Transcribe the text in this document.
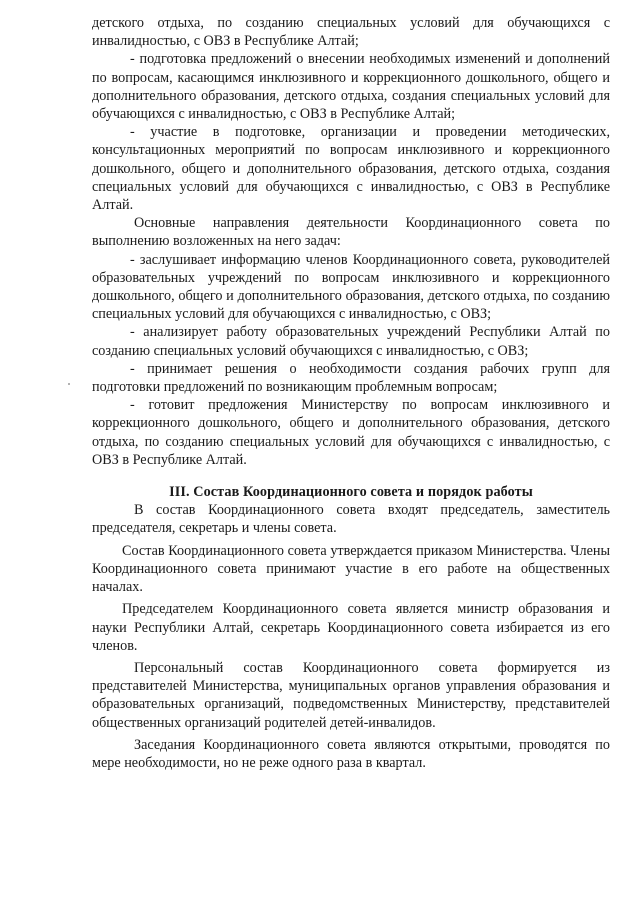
детского отдыха, по созданию специальных условий для обучающихся с инвалидностью, с ОВЗ в Республике Алтай;

- подготовка предложений о внесении необходимых изменений и дополнений по вопросам, касающимся инклюзивного и коррекционного дошкольного, общего и дополнительного образования, детского отдыха, создания специальных условий для обучающихся с инвалидностью, с ОВЗ в Республике Алтай;

- участие в подготовке, организации и проведении методических, консультационных мероприятий по вопросам инклюзивного и коррекционного дошкольного, общего и дополнительного образования, детского отдыха, создания специальных условий для обучающихся с инвалидностью, с ОВЗ в Республике Алтай.

Основные направления деятельности Координационного совета по выполнению возложенных на него задач:

- заслушивает информацию членов Координационного совета, руководителей образовательных учреждений по вопросам инклюзивного и коррекционного дошкольного, общего и дополнительного образования, детского отдыха, по созданию специальных условий для обучающихся с инвалидностью, с ОВЗ;

- анализирует работу образовательных учреждений Республики Алтай по созданию специальных условий обучающихся с инвалидностью, с ОВЗ;

- принимает решения о необходимости создания рабочих групп для подготовки предложений по возникающим проблемным вопросам;

- готовит предложения Министерству по вопросам инклюзивного и коррекционного дошкольного, общего и дополнительного образования, детского отдыха, по созданию специальных условий для обучающихся с инвалидностью, с ОВЗ в Республике Алтай.

III. Состав Координационного совета и порядок работы

В состав Координационного совета входят председатель, заместитель председателя, секретарь и члены совета.

Состав Координационного совета утверждается приказом Министерства. Члены Координационного совета принимают участие в его работе на общественных началах.

Председателем Координационного совета является министр образования и науки Республики Алтай, секретарь Координационного совета избирается из его членов.

Персональный состав Координационного совета формируется из представителей Министерства, муниципальных органов управления образования и образовательных организаций, подведомственных Министерству, представителей общественных организаций родителей детей-инвалидов.

Заседания Координационного совета являются открытыми, проводятся по мере необходимости, но не реже одного раза в квартал.
